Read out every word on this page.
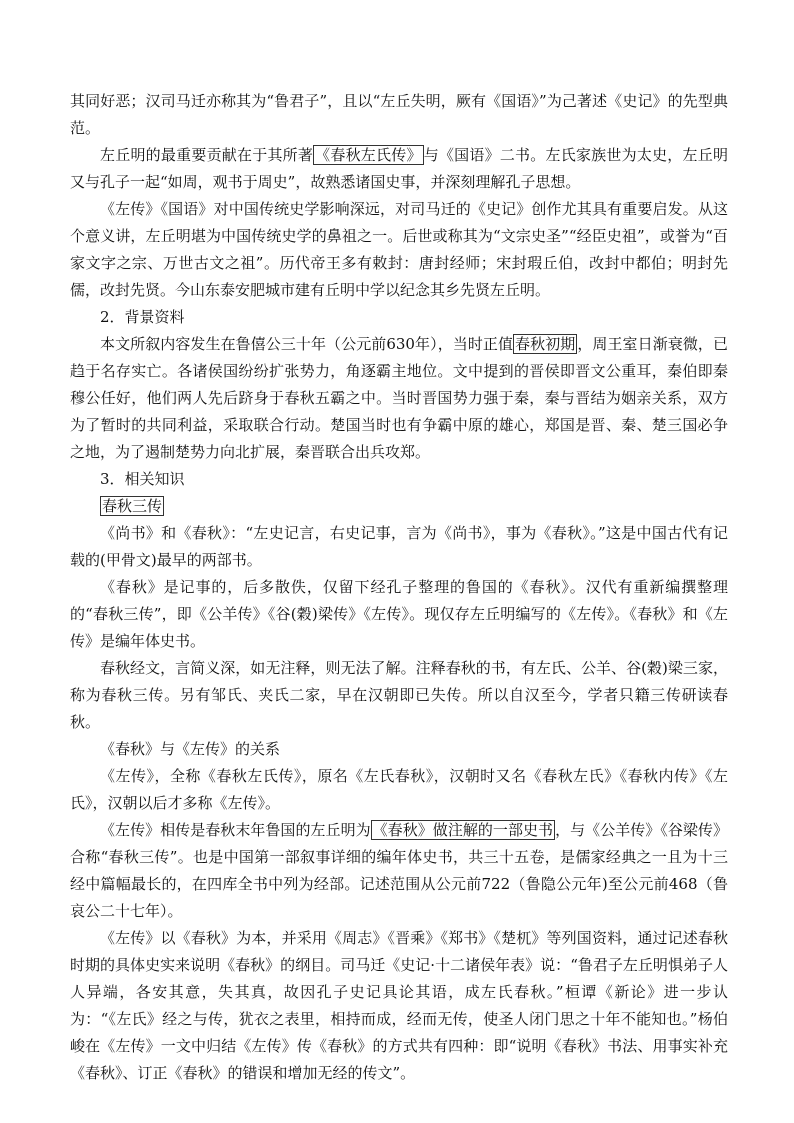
其同好恶；汉司马迁亦称其为“鲁君子”，且以“左丘失明，厥有《国语》”为己著述《史记》的先型典范。

左丘明的最重要贡献在于其所著 《春秋左氏传》 与《国语》二书。左氏家族世为太史，左丘明又与孔子一起“如周，观书于周史”，故熟悉诸国史事，并深刻理解孔子思想。

《左传》《国语》对中国传统史学影响深远，对司马迁的《史记》创作尤其具有重要启发。从这个意义讲，左丘明堪为中国传统史学的鼻祖之一。后世或称其为“文宗史圣”“经臣史祖”，或誉为“百家文字之宗、万世古文之祖”。历代帝王多有敕封：唐封经师；宋封瑕丘伯，改封中都伯；明封先儒，改封先贤。今山东泰安肥城市建有丘明中学以纪念其乡先贤左丘明。

2．背景资料

本文所叙内容发生在鲁僖公三十年（公元前630年），当时正值 春秋初期 ，周王室日渐衰微，已趋于名存实亡。各诸侯国纷纷扩张势力，角逐霸主地位。文中提到的晋侯即晋文公重耳，秦伯即秦穆公任好，他们两人先后跻身于春秋五霸之中。当时晋国势力强于秦，秦与晋结为姻亲关系，双方为了暂时的共同利益，采取联合行动。楚国当时也有争霸中原的雄心，郑国是晋、秦、楚三国必争之地，为了遏制楚势力向北扩展，秦晋联合出兵攻郑。

3．相关知识

春秋三传

《尚书》和《春秋》：“左史记言，右史记事，言为《尚书》，事为《春秋》。”这是中国古代有记载的(甲骨文)最早的两部书。

《春秋》是记事的，后多散佚，仅留下经孔子整理的鲁国的《春秋》。汉代有重新编撰整理的“春秋三传”，即《公羊传》《谷(穀)梁传》《左传》。现仅存左丘明编写的《左传》。《春秋》和《左传》是编年体史书。

春秋经文，言简义深，如无注释，则无法了解。注释春秋的书，有左氏、公羊、谷(穀)梁三家，称为春秋三传。另有邹氏、夹氏二家，早在汉朝即已失传。所以自汉至今，学者只籍三传研读春秋。

《春秋》与《左传》的关系

《左传》，全称《春秋左氏传》，原名《左氏春秋》，汉朝时又名《春秋左氏》《春秋内传》《左氏》，汉朝以后才多称《左传》。

《左传》相传是春秋末年鲁国的左丘明为 《春秋》做注解的一部史书 ，与《公羊传》《谷梁传》合称“春秋三传”。也是中国第一部叙事详细的编年体史书，共三十五卷，是儒家经典之一且为十三经中篇幅最长的，在四库全书中列为经部。记述范围从公元前722（鲁隐公元年)至公元前468（鲁哀公二十七年）。

《左传》以《春秋》为本，并采用《周志》《晋乘》《郑书》《楚杌》等列国资料，通过记述春秋时期的具体史实来说明《春秋》的纲目。司马迁《史记·十二诸侯年表》说：“鲁君子左丘明惧弟子人人异端，各安其意，失其真，故因孔子史记具论其语，成左氏春秋。”桓谭《新论》进一步认为：“《左氏》经之与传，犹衣之表里，相持而成，经而无传，使圣人闭门思之十年不能知也。”杨伯峻在《左传》一文中归结《左传》传《春秋》的方式共有四种：即“说明《春秋》书法、用事实补充《春秋》、订正《春秋》的错误和增加无经的传文”。
